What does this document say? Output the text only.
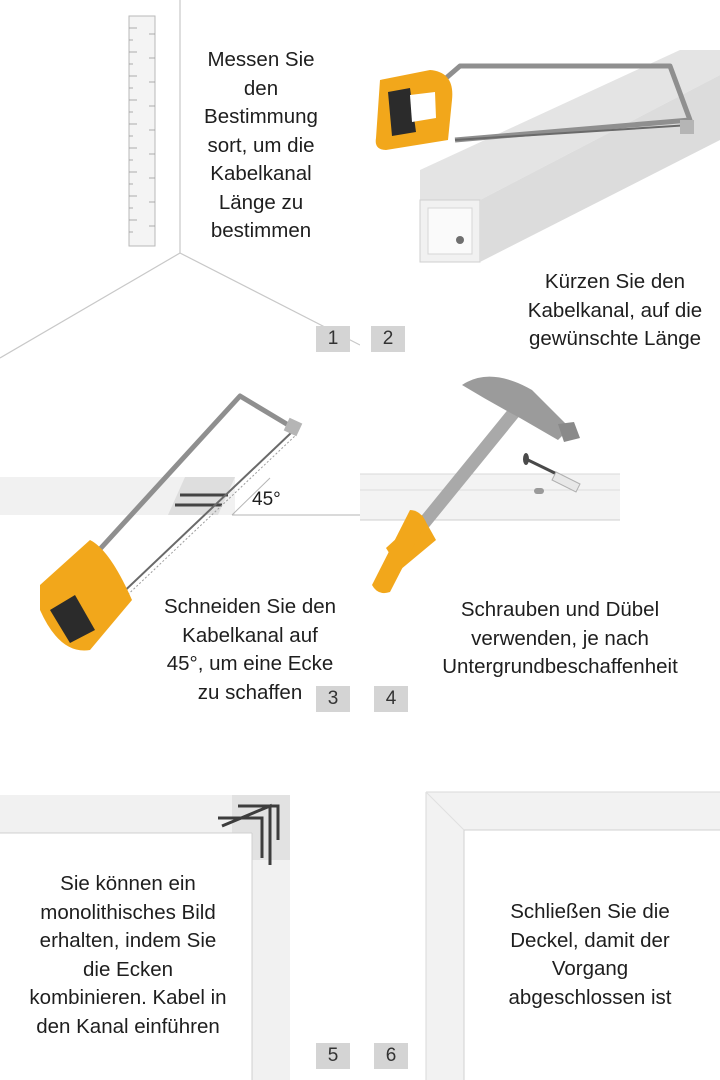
Messen Sie
den
Bestimmung
sort, um die
Kabelkanal
Länge zu
bestimmen
1
Kürzen Sie den
Kabelkanal, auf die
gewünschte Länge
2
45°
Schneiden Sie den
Kabelkanal auf
45°, um eine Ecke
zu schaffen	3
Schrauben und Dübel
verwenden, je nach
Untergrundbeschaffenheit
4
Sie können ein
monolithisches Bild
erhalten, indem Sie
die Ecken
kombinieren. Kabel in
den Kanal einführen
5
Schließen Sie die
Deckel, damit der
Vorgang
abgeschlossen ist
6
